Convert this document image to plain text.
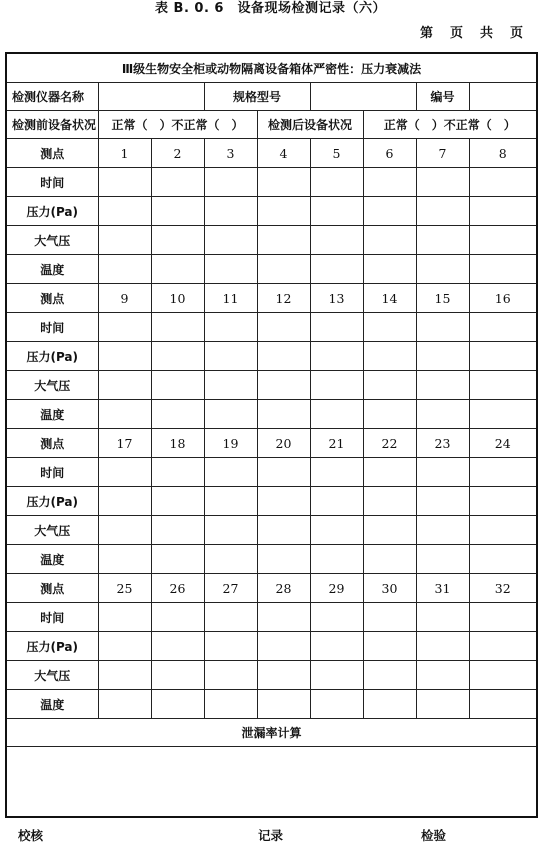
表 B. 0. 6　设备现场检测记录（六）
第　页　共　页
Ⅲ级生物安全柜或动物隔离设备箱体严密性：压力衰减法								
检测仪器名称			规格型号				编号	
检测前设备状况	正常（　）不正常（　）			检测后设备状况		正常（　）不正常（　）		
测点	1	2	3	4	5	6	7	8
时间								
压力(Pa)								
大气压								
温度								
测点	9	10	11	12	13	14	15	16
时间								
压力(Pa)								
大气压								
温度								
测点	17	18	19	20	21	22	23	24
时间								
压力(Pa)								
大气压								
温度								
测点	25	26	27	28	29	30	31	32
时间								
压力(Pa)								
大气压								
温度								
泄漏率计算								

校核	记录	检验
